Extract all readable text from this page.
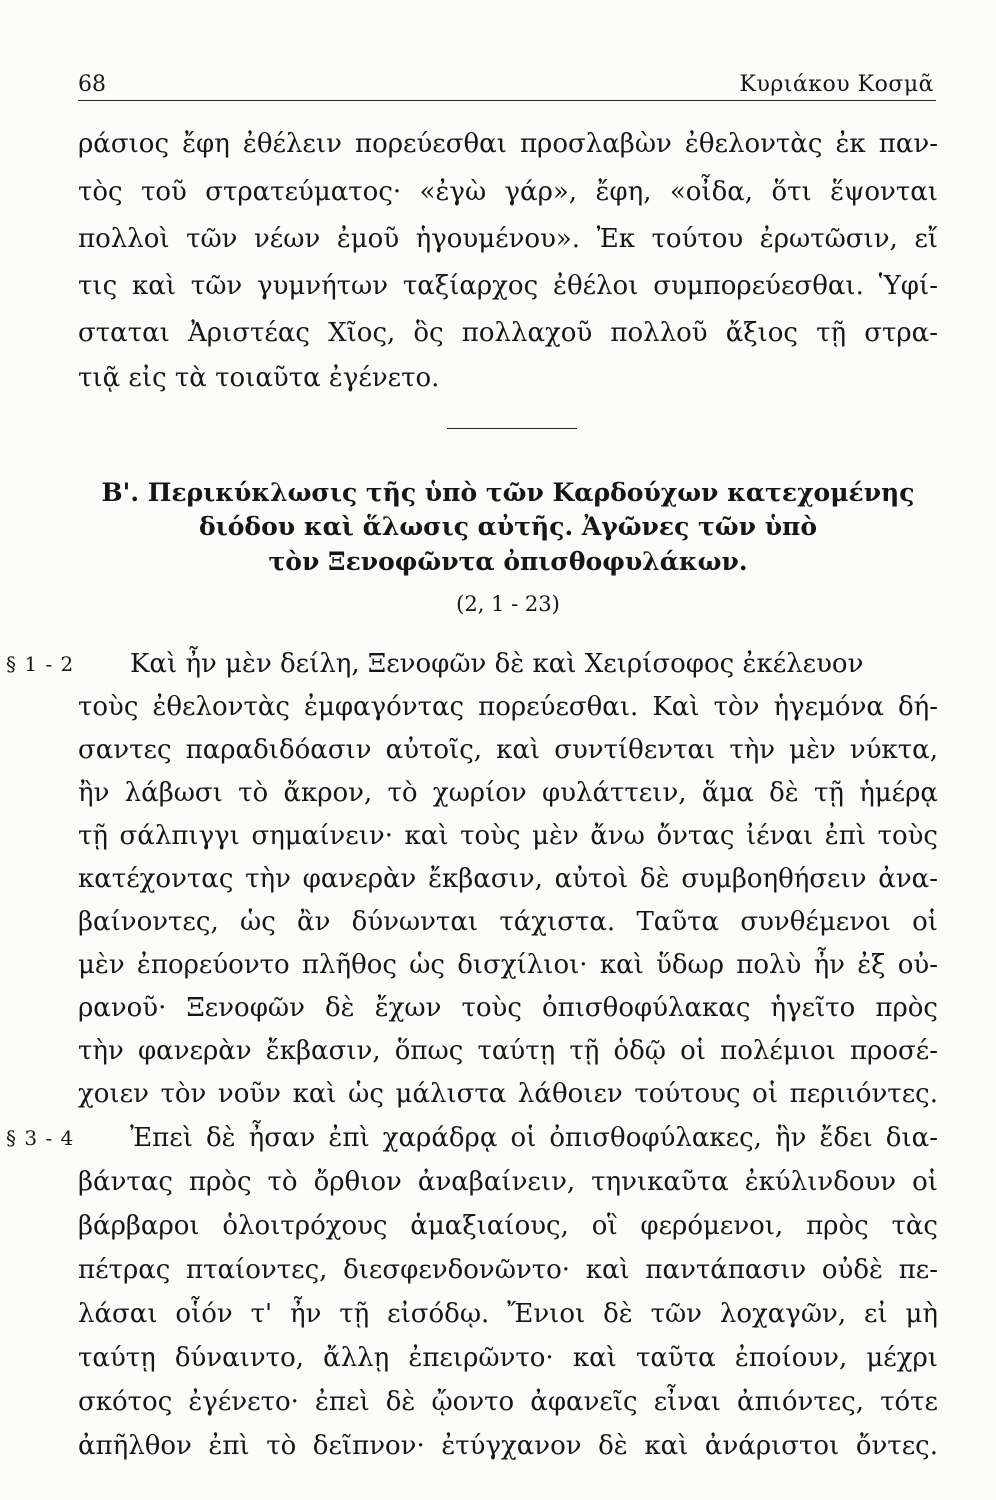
68	Κυριάκου Κοσμᾶ
ράσιος ἔφη ἐθέλειν πορεύεσθαι προσλαβὼν ἐθελοντὰς ἐκ παν-
τὸς τοῦ στρατεύματος· «ἐγὼ γάρ», ἔφη, «οἶδα, ὅτι ἕψονται
πολλοὶ τῶν νέων ἐμοῦ ἡγουμένου». Ἐκ τούτου ἐρωτῶσιν, εἴ
τις καὶ τῶν γυμνήτων ταξίαρχος ἐθέλοι συμπορεύεσθαι. Ὑφί-
σταται Ἀριστέας Χῖος, ὃς πολλαχοῦ πολλοῦ ἄξιος τῇ στρα-
τιᾷ εἰς τὰ τοιαῦτα ἐγένετο.
Β'. Περικύκλωσις τῆς ὑπὸ τῶν Καρδούχων κατεχομένης
διόδου καὶ ἅλωσις αὐτῆς. Ἀγῶνες τῶν ὑπὸ
τὸν Ξενοφῶντα ὀπισθοφυλάκων.
(2, 1 - 23)
§ 1 - 2	Καὶ ἦν μὲν δείλη, Ξενοφῶν δὲ καὶ Χειρίσοφος ἐκέλευον
τοὺς ἐθελοντὰς ἐμφαγόντας πορεύεσθαι. Καὶ τὸν ἡγεμόνα δή-
σαντες παραδιδόασιν αὐτοῖς, καὶ συντίθενται τὴν μὲν νύκτα,
ἢν λάβωσι τὸ ἄκρον, τὸ χωρίον φυλάττειν, ἅμα δὲ τῇ ἡμέρᾳ
τῇ σάλπιγγι σημαίνειν· καὶ τοὺς μὲν ἄνω ὄντας ἰέναι ἐπὶ τοὺς
κατέχοντας τὴν φανερὰν ἔκβασιν, αὐτοὶ δὲ συμβοηθήσειν ἀνα-
βαίνοντες, ὡς ἂν δύνωνται τάχιστα. Ταῦτα συνθέμενοι οἱ
μὲν ἐπορεύοντο πλῆθος ὡς δισχίλιοι· καὶ ὕδωρ πολὺ ἦν ἐξ οὐ-
ρανοῦ· Ξενοφῶν δὲ ἔχων τοὺς ὀπισθοφύλακας ἡγεῖτο πρὸς
τὴν φανερὰν ἔκβασιν, ὅπως ταύτῃ τῇ ὁδῷ οἱ πολέμιοι προσέ-
χοιεν τὸν νοῦν καὶ ὡς μάλιστα λάθοιεν τούτους οἱ περιιόντες.
§ 3 - 4	Ἐπεὶ δὲ ἦσαν ἐπὶ χαράδρᾳ οἱ ὀπισθοφύλακες, ἣν ἔδει δια-
βάντας πρὸς τὸ ὄρθιον ἀναβαίνειν, τηνικαῦτα ἐκύλινδουν οἱ
βάρβαροι ὁλοιτρόχους ἁμαξιαίους, οἳ φερόμενοι, πρὸς τὰς
πέτρας πταίοντες, διεσφενδονῶντο· καὶ παντάπασιν οὐδὲ πε-
λάσαι οἷόν τ' ἦν τῇ εἰσόδῳ. Ἔνιοι δὲ τῶν λοχαγῶν, εἰ μὴ
ταύτῃ δύναιντο, ἄλλῃ ἐπειρῶντο· καὶ ταῦτα ἐποίουν, μέχρι
σκότος ἐγένετο· ἐπεὶ δὲ ᾤοντο ἀφανεῖς εἶναι ἀπιόντες, τότε
ἀπῆλθον ἐπὶ τὸ δεῖπνον· ἐτύγχανον δὲ καὶ ἀνάριστοι ὄντες.
